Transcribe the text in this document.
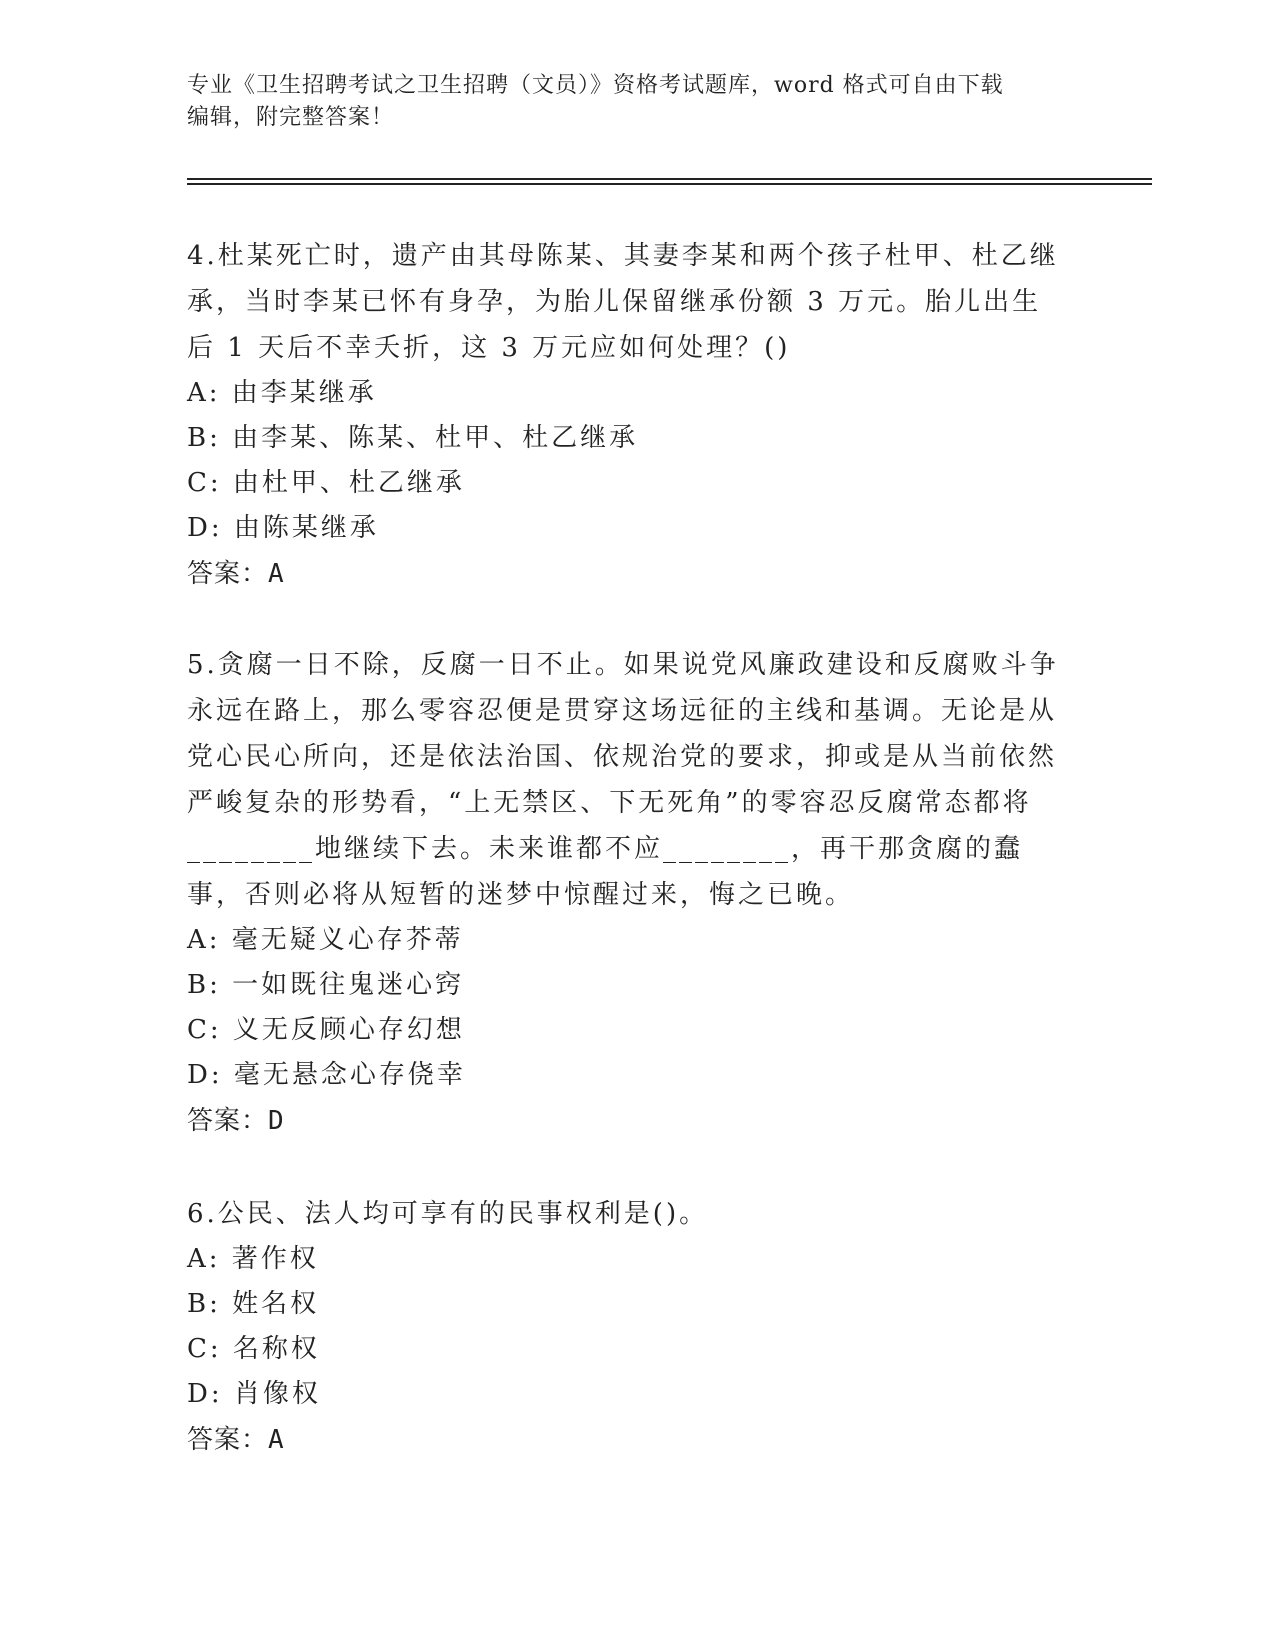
专业《卫生招聘考试之卫生招聘（文员）》资格考试题库，word 格式可自由下载
编辑，附完整答案！
4.杜某死亡时，遗产由其母陈某、其妻李某和两个孩子杜甲、杜乙继承，当时李某已怀有身孕，为胎儿保留继承份额 3 万元。胎儿出生后 1 天后不幸夭折，这 3 万元应如何处理？()
A: 由李某继承
B: 由李某、陈某、杜甲、杜乙继承
C: 由杜甲、杜乙继承
D: 由陈某继承
答案：A
5.贪腐一日不除，反腐一日不止。如果说党风廉政建设和反腐败斗争永远在路上，那么零容忍便是贯穿这场远征的主线和基调。无论是从党心民心所向，还是依法治国、依规治党的要求，抑或是从当前依然严峻复杂的形势看，“上无禁区、下无死角”的零容忍反腐常态都将________地继续下去。未来谁都不应________，再干那贪腐的蠢事，否则必将从短暂的迷梦中惊醒过来，悔之已晚。
A: 毫无疑义心存芥蒂
B: 一如既往鬼迷心窍
C: 义无反顾心存幻想
D: 毫无悬念心存侥幸
答案：D
6.公民、法人均可享有的民事权利是()。
A: 著作权
B: 姓名权
C: 名称权
D: 肖像权
答案：A
